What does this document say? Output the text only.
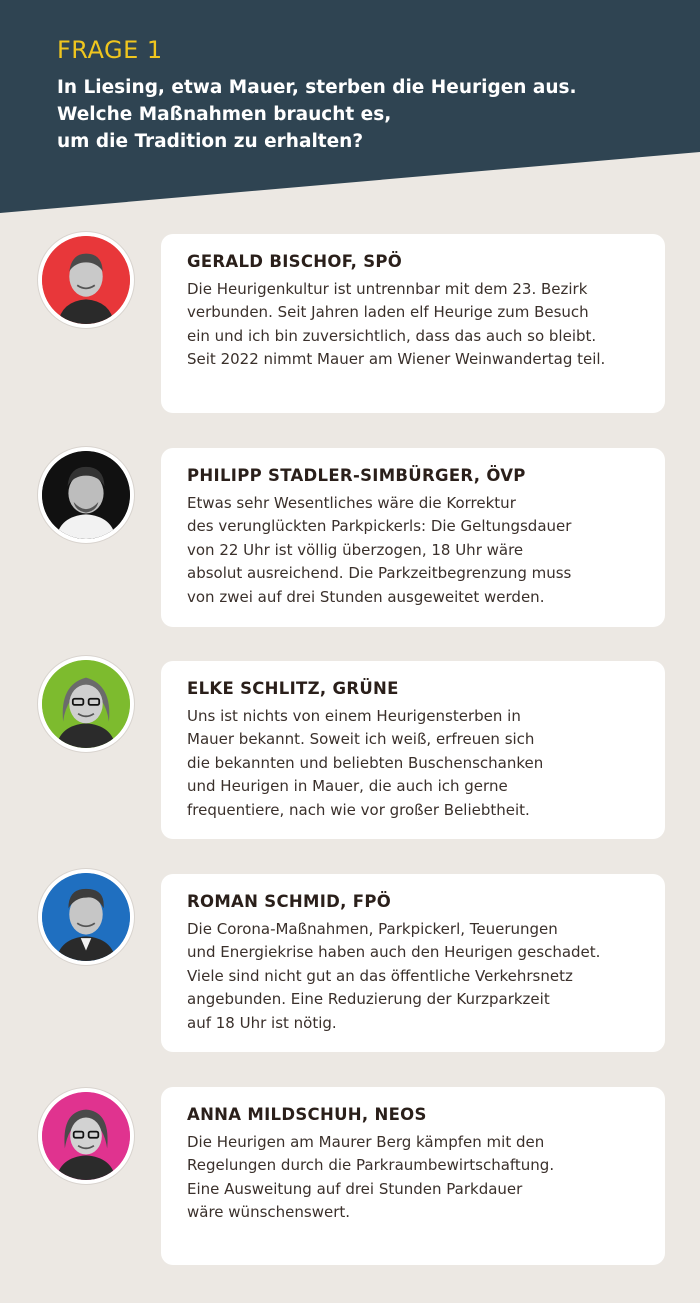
FRAGE 1
In Liesing, etwa Mauer, sterben die Heurigen aus.
Welche Maßnahmen braucht es,
um die Tradition zu erhalten?
GERALD BISCHOF, SPÖ
Die Heurigenkultur ist untrennbar mit dem 23. Bezirk
verbunden. Seit Jahren laden elf Heurige zum Besuch
ein und ich bin zuversichtlich, dass das auch so bleibt.
Seit 2022 nimmt Mauer am Wiener Weinwandertag teil.
PHILIPP STADLER-SIMBÜRGER, ÖVP
Etwas sehr Wesentliches wäre die Korrektur
des verunglückten Parkpickerls: Die Geltungsdauer
von 22 Uhr ist völlig überzogen, 18 Uhr wäre
absolut ausreichend. Die Parkzeitbegrenzung muss
von zwei auf drei Stunden ausgeweitet werden.
ELKE SCHLITZ, GRÜNE
Uns ist nichts von einem Heurigensterben in
Mauer bekannt. Soweit ich weiß, erfreuen sich
die bekannten und beliebten Buschenschanken
und Heurigen in Mauer, die auch ich gerne
frequentiere, nach wie vor großer Beliebtheit.
ROMAN SCHMID, FPÖ
Die Corona-Maßnahmen, Parkpickerl, Teuerungen
und Energiekrise haben auch den Heurigen geschadet.
Viele sind nicht gut an das öffentliche Verkehrsnetz
angebunden. Eine Reduzierung der Kurzparkzeit
auf 18 Uhr ist nötig.
ANNA MILDSCHUH, NEOS
Die Heurigen am Maurer Berg kämpfen mit den
Regelungen durch die Parkraumbewirtschaftung.
Eine Ausweitung auf drei Stunden Parkdauer
wäre wünschenswert.
